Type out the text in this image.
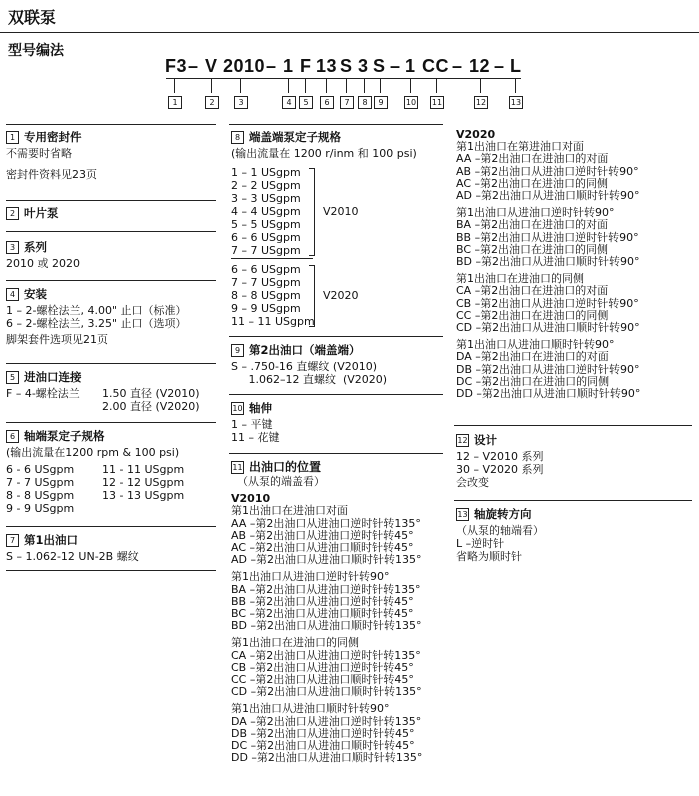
双联泵
型号编法
F3 – V 2010 – 1 F 13 S 3 S – 1 CC – 12 – L
1	2	3	4	5	6	7	8	9	10 11	12	13
1 专用密封件
不需要时省略
密封件资料见23页
2 叶片泵
3 系列
2010 或 2020
4 安装
1 – 2-螺栓法兰, 4.00" 止口（标准）
6 – 2-螺栓法兰, 3.25" 止口（选项）
脚架套件选项见21页
5 进油口连接
F – 4-螺栓法兰 1.50 直径 (V2010)
2.00 直径 (V2020)
6 轴端泵定子规格
(输出流量在1200 rpm & 100 psi)
6 - 6 USgpm
7 - 7 USgpm
8 - 8 USgpm
9 - 9 USgpm
11 - 11 USgpm
12 - 12 USgpm
13 - 13 USgpm
7 第1出油口
S – 1.062-12 UN-2B 螺纹
8 端盖端泵定子规格
(输出流量在 1200 r/inm 和 100 psi)
1 – 1 USgpm
2 – 2 USgpm
3 – 3 USgpm
4 – 4 USgpm
5 – 5 USgpm
6 – 6 USgpm
7 – 7 USgpm
V2010
6 – 6 USgpm
7 – 7 USgpm
8 – 8 USgpm
9 – 9 USgpm
11 – 11 USgpm
V2020
9 第2出油口（端盖端）
S – .750-16 直螺纹 (V2010)
1.062–12 直螺纹  (V2020)
10 轴伸
1 – 平键
11 – 花键
11 出油口的位置
（从泵的端盖看）
V2010
第1出油口在进油口对面
AA –第2出油口从进油口逆时针转135°
AB –第2出油口从进油口逆时针转45°
AC –第2出油口从进油口顺时针转45°
AD –第2出油口从进油口顺时针转135°
第1出油口从进油口逆时针转90°
BA –第2出油口从进油口逆时针转135°
BB –第2出油口从进油口逆时针转45°
BC –第2出油口从进油口顺时针转45°
BD –第2出油口从进油口顺时针转135°
第1出油口在进油口的同侧
CA –第2出油口从进油口逆时针转135°
CB –第2出油口从进油口逆时针转45°
CC –第2出油口从进油口顺时针转45°
CD –第2出油口从进油口顺时针转135°
第1出油口从进油口顺时针转90°
DA –第2出油口从进油口逆时针转135°
DB –第2出油口从进油口逆时针转45°
DC –第2出油口从进油口顺时针转45°
DD –第2出油口从进油口顺时针转135°
V2020
第1出油口在第进油口对面
AA –第2出油口在进油口的对面
AB –第2出油口从进油口逆时针转90°
AC –第2出油口在进油口的同侧
AD –第2出油口从进油口顺时针转90°
第1出油口从进油口逆时针转90°
BA –第2出油口在进油口的对面
BB –第2出油口从进油口逆时针转90°
BC –第2出油口在进油口的同侧
BD –第2出油口从进油口顺时针转90°
第1出油口在进油口的同侧
CA –第2出油口在进油口的对面
CB –第2出油口从进油口逆时针转90°
CC –第2出油口在进油口的同侧
CD –第2出油口从进油口顺时针转90°
第1出油口从进油口顺时针转90°
DA –第2出油口在进油口的对面
DB –第2出油口从进油口逆时针转90°
DC –第2出油口在进油口的同侧
DD –第2出油口从进油口顺时针转90°
12 设计
12 – V2010 系列
30 – V2020 系列
会改变
13 轴旋转方向
（从泵的轴端看）
L –逆时针
省略为顺时针
